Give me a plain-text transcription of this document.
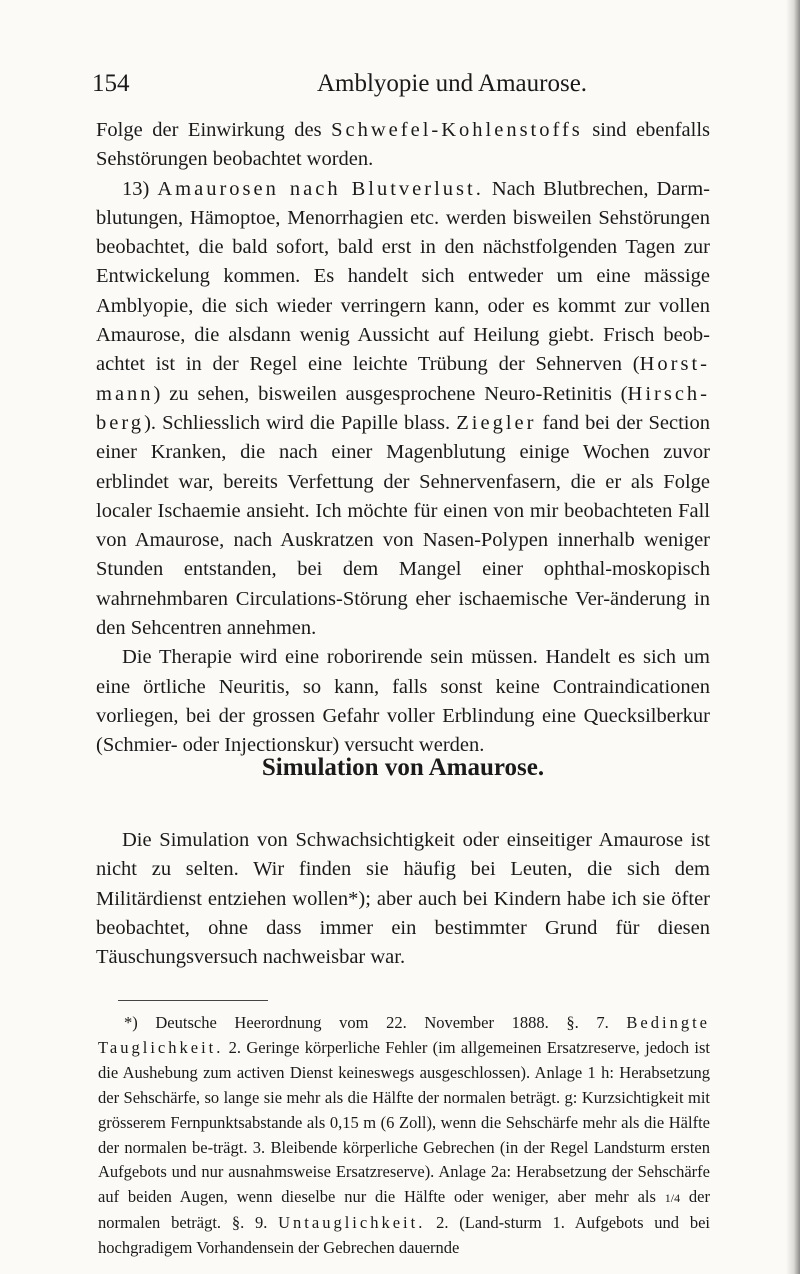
154	Amblyopie und Amaurose.

Folge der Einwirkung des Schwefel-Kohlenstoffs sind ebenfalls Sehstörungen beobachtet worden.

13) Amaurosen nach Blutverlust. Nach Blutbrechen, Darm-blutungen, Hämoptoe, Menorrhagien etc. werden bisweilen Sehstörungen beobachtet, die bald sofort, bald erst in den nächstfolgenden Tagen zur Entwickelung kommen. Es handelt sich entweder um eine mässige Amblyopie, die sich wieder verringern kann, oder es kommt zur vollen Amaurose, die alsdann wenig Aussicht auf Heilung giebt. Frisch beob-achtet ist in der Regel eine leichte Trübung der Sehnerven (Horst-mann) zu sehen, bisweilen ausgesprochene Neuro-Retinitis (Hirsch-berg). Schliesslich wird die Papille blass. Ziegler fand bei der Section einer Kranken, die nach einer Magenblutung einige Wochen zuvor erblindet war, bereits Verfettung der Sehnervenfasern, die er als Folge localer Ischaemie ansieht. Ich möchte für einen von mir beobachteten Fall von Amaurose, nach Auskratzen von Nasen-Polypen innerhalb weniger Stunden entstanden, bei dem Mangel einer ophthal-moskopisch wahrnehmbaren Circulations-Störung eher ischaemische Ver-änderung in den Sehcentren annehmen.

Die Therapie wird eine roborirende sein müssen. Handelt es sich um eine örtliche Neuritis, so kann, falls sonst keine Contraindicationen vorliegen, bei der grossen Gefahr voller Erblindung eine Quecksilberkur (Schmier- oder Injectionskur) versucht werden.

Simulation von Amaurose.

Die Simulation von Schwachsichtigkeit oder einseitiger Amaurose ist nicht zu selten. Wir finden sie häufig bei Leuten, die sich dem Militärdienst entziehen wollen*); aber auch bei Kindern habe ich sie öfter beobachtet, ohne dass immer ein bestimmter Grund für diesen Täuschungsversuch nachweisbar war.

*) Deutsche Heerordnung vom 22. November 1888. §. 7. Bedingte Tauglichkeit. 2. Geringe körperliche Fehler (im allgemeinen Ersatzreserve, jedoch ist die Aushebung zum activen Dienst keineswegs ausgeschlossen). Anlage 1 h: Herabsetzung der Sehschärfe, so lange sie mehr als die Hälfte der normalen beträgt. g: Kurzsichtigkeit mit grösserem Fernpunktsabstande als 0,15 m (6 Zoll), wenn die Sehschärfe mehr als die Hälfte der normalen be-trägt. 3. Bleibende körperliche Gebrechen (in der Regel Landsturm ersten Aufgebots und nur ausnahmsweise Ersatzreserve). Anlage 2a: Herabsetzung der Sehschärfe auf beiden Augen, wenn dieselbe nur die Hälfte oder weniger, aber mehr als 1/4 der normalen beträgt. §. 9. Untauglichkeit. 2. (Land-sturm 1. Aufgebots und bei hochgradigem Vorhandensein der Gebrechen dauernde
